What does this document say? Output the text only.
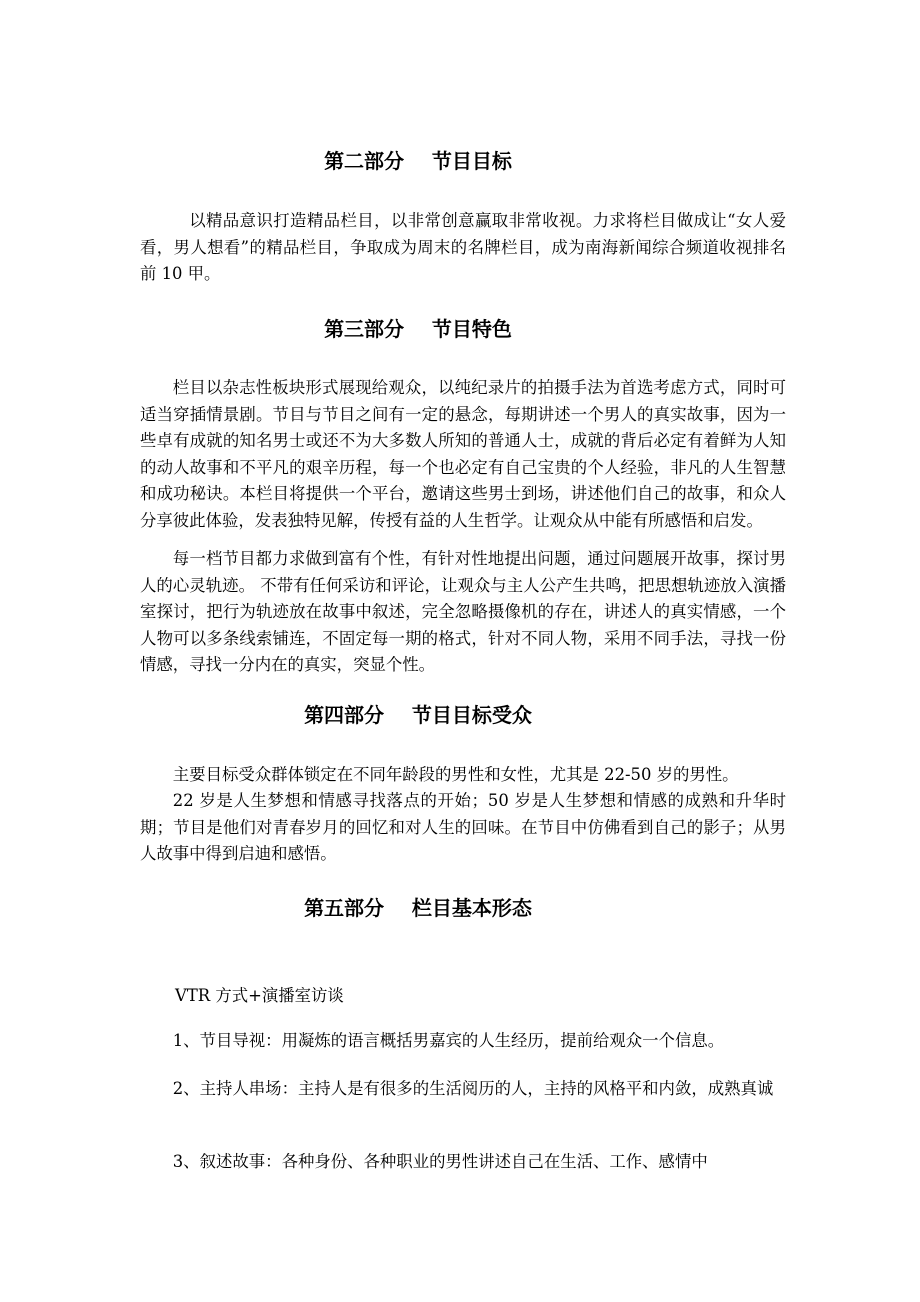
第二部分    节目目标

以精品意识打造精品栏目，以非常创意赢取非常收视。力求将栏目做成让“女人爱看，男人想看”的精品栏目，争取成为周末的名牌栏目，成为南海新闻综合频道收视排名前 10 甲。

第三部分    节目特色

栏目以杂志性板块形式展现给观众，以纯纪录片的拍摄手法为首选考虑方式，同时可适当穿插情景剧。节目与节目之间有一定的悬念，每期讲述一个男人的真实故事，因为一些卓有成就的知名男士或还不为大多数人所知的普通人士，成就的背后必定有着鲜为人知的动人故事和不平凡的艰辛历程，每一个也必定有自己宝贵的个人经验，非凡的人生智慧和成功秘诀。本栏目将提供一个平台，邀请这些男士到场，讲述他们自己的故事，和众人分享彼此体验，发表独特见解，传授有益的人生哲学。让观众从中能有所感悟和启发。

每一档节目都力求做到富有个性，有针对性地提出问题，通过问题展开故事，探讨男人的心灵轨迹。 不带有任何采访和评论，让观众与主人公产生共鸣，把思想轨迹放入演播室探讨，把行为轨迹放在故事中叙述，完全忽略摄像机的存在，讲述人的真实情感，一个人物可以多条线索铺连，不固定每一期的格式，针对不同人物，采用不同手法，寻找一份情感，寻找一分内在的真实，突显个性。

第四部分    节目目标受众

主要目标受众群体锁定在不同年龄段的男性和女性，尤其是 22-50 岁的男性。

22 岁是人生梦想和情感寻找落点的开始；50 岁是人生梦想和情感的成熟和升华时期；节目是他们对青春岁月的回忆和对人生的回味。在节目中仿佛看到自己的影子；从男人故事中得到启迪和感悟。

第五部分    栏目基本形态

VTR 方式+演播室访谈

1、节目导视：用凝炼的语言概括男嘉宾的人生经历，提前给观众一个信息。

2、主持人串场：主持人是有很多的生活阅历的人，主持的风格平和内敛，成熟真诚

3、叙述故事：各种身份、各种职业的男性讲述自己在生活、工作、感情中
